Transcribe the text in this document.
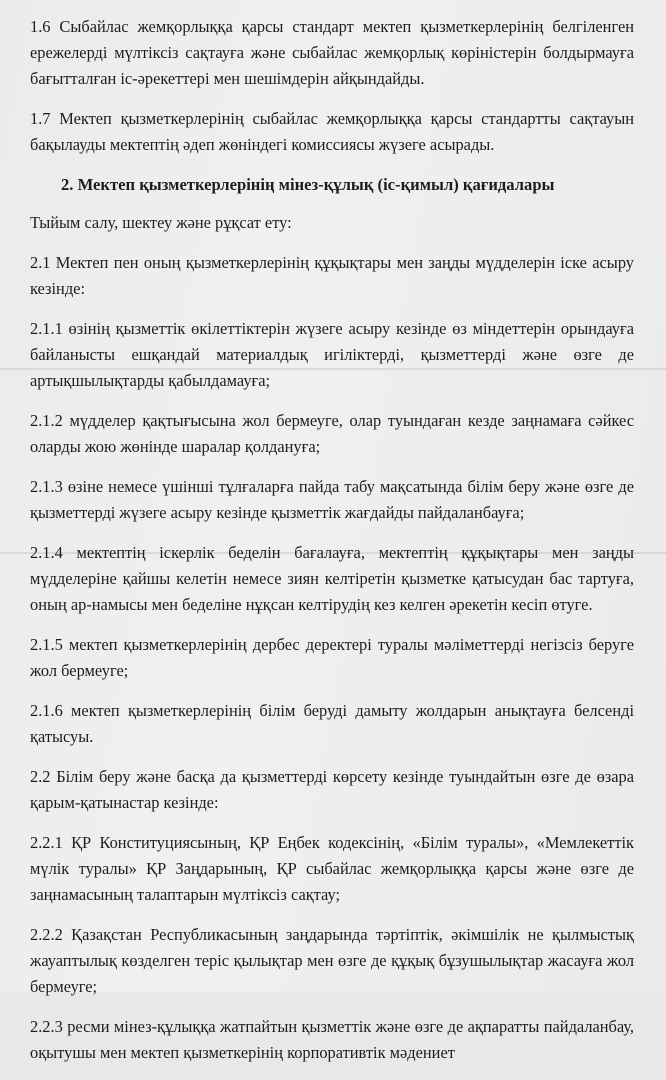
1.6 Сыбайлас жемқорлыққа қарсы стандарт мектеп қызметкерлерінің белгіленген ережелерді мүлтіксіз сақтауға және сыбайлас жемқорлық көріністерін болдырмауға бағытталған іс-әрекеттері мен шешімдерін айқындайды.

1.7 Мектеп қызметкерлерінің сыбайлас жемқорлыққа қарсы стандартты сақтауын бақылауды мектептің әдеп жөніндегі комиссиясы жүзеге асырады.

2. Мектеп қызметкерлерінің мінез-құлық (іс-қимыл) қағидалары

Тыйым салу, шектеу және рұқсат ету:

2.1 Мектеп пен оның қызметкерлерінің құқықтары мен заңды мүдделерін іске асыру кезінде:

2.1.1 өзінің қызметтік өкілеттіктерін жүзеге асыру кезінде өз міндеттерін орындауға байланысты ешқандай материалдық игіліктерді, қызметтерді және өзге де артықшылықтарды қабылдамауға;

2.1.2 мүдделер қақтығысына жол бермеуге, олар туындаған кезде заңнамаға сәйкес оларды жою жөнінде шаралар қолдануға;

2.1.3 өзіне немесе үшінші тұлғаларға пайда табу мақсатында білім беру және өзге де қызметтерді жүзеге асыру кезінде қызметтік жағдайды пайдаланбауға;

2.1.4 мектептің іскерлік беделін бағалауға, мектептің құқықтары мен заңды мүдделеріне қайшы келетін немесе зиян келтіретін қызметке қатысудан бас тартуға, оның ар-намысы мен беделіне нұқсан келтірудің кез келген әрекетін кесіп өтуге.

2.1.5 мектеп қызметкерлерінің дербес деректері туралы мәліметтерді негізсіз беруге жол бермеуге;

2.1.6 мектеп қызметкерлерінің білім беруді дамыту жолдарын анықтауға белсенді қатысуы.

2.2 Білім беру және басқа да қызметтерді көрсету кезінде туындайтын өзге де өзара қарым-қатынастар кезінде:

2.2.1 ҚР Конституциясының, ҚР Еңбек кодексінің, «Білім туралы», «Мемлекеттік мүлік туралы» ҚР Заңдарының, ҚР сыбайлас жемқорлыққа қарсы және өзге де заңнамасының талаптарын мүлтіксіз сақтау;

2.2.2 Қазақстан Республикасының заңдарында тәртіптік, әкімшілік не қылмыстық жауаптылық көзделген теріс қылықтар мен өзге де құқық бұзушылықтар жасауға жол бермеуге;

2.2.3 ресми мінез-құлыққа жатпайтын қызметтік және өзге де ақпаратты пайдаланбау, оқытушы мен мектеп қызметкерінің корпоративтік мәдениет
